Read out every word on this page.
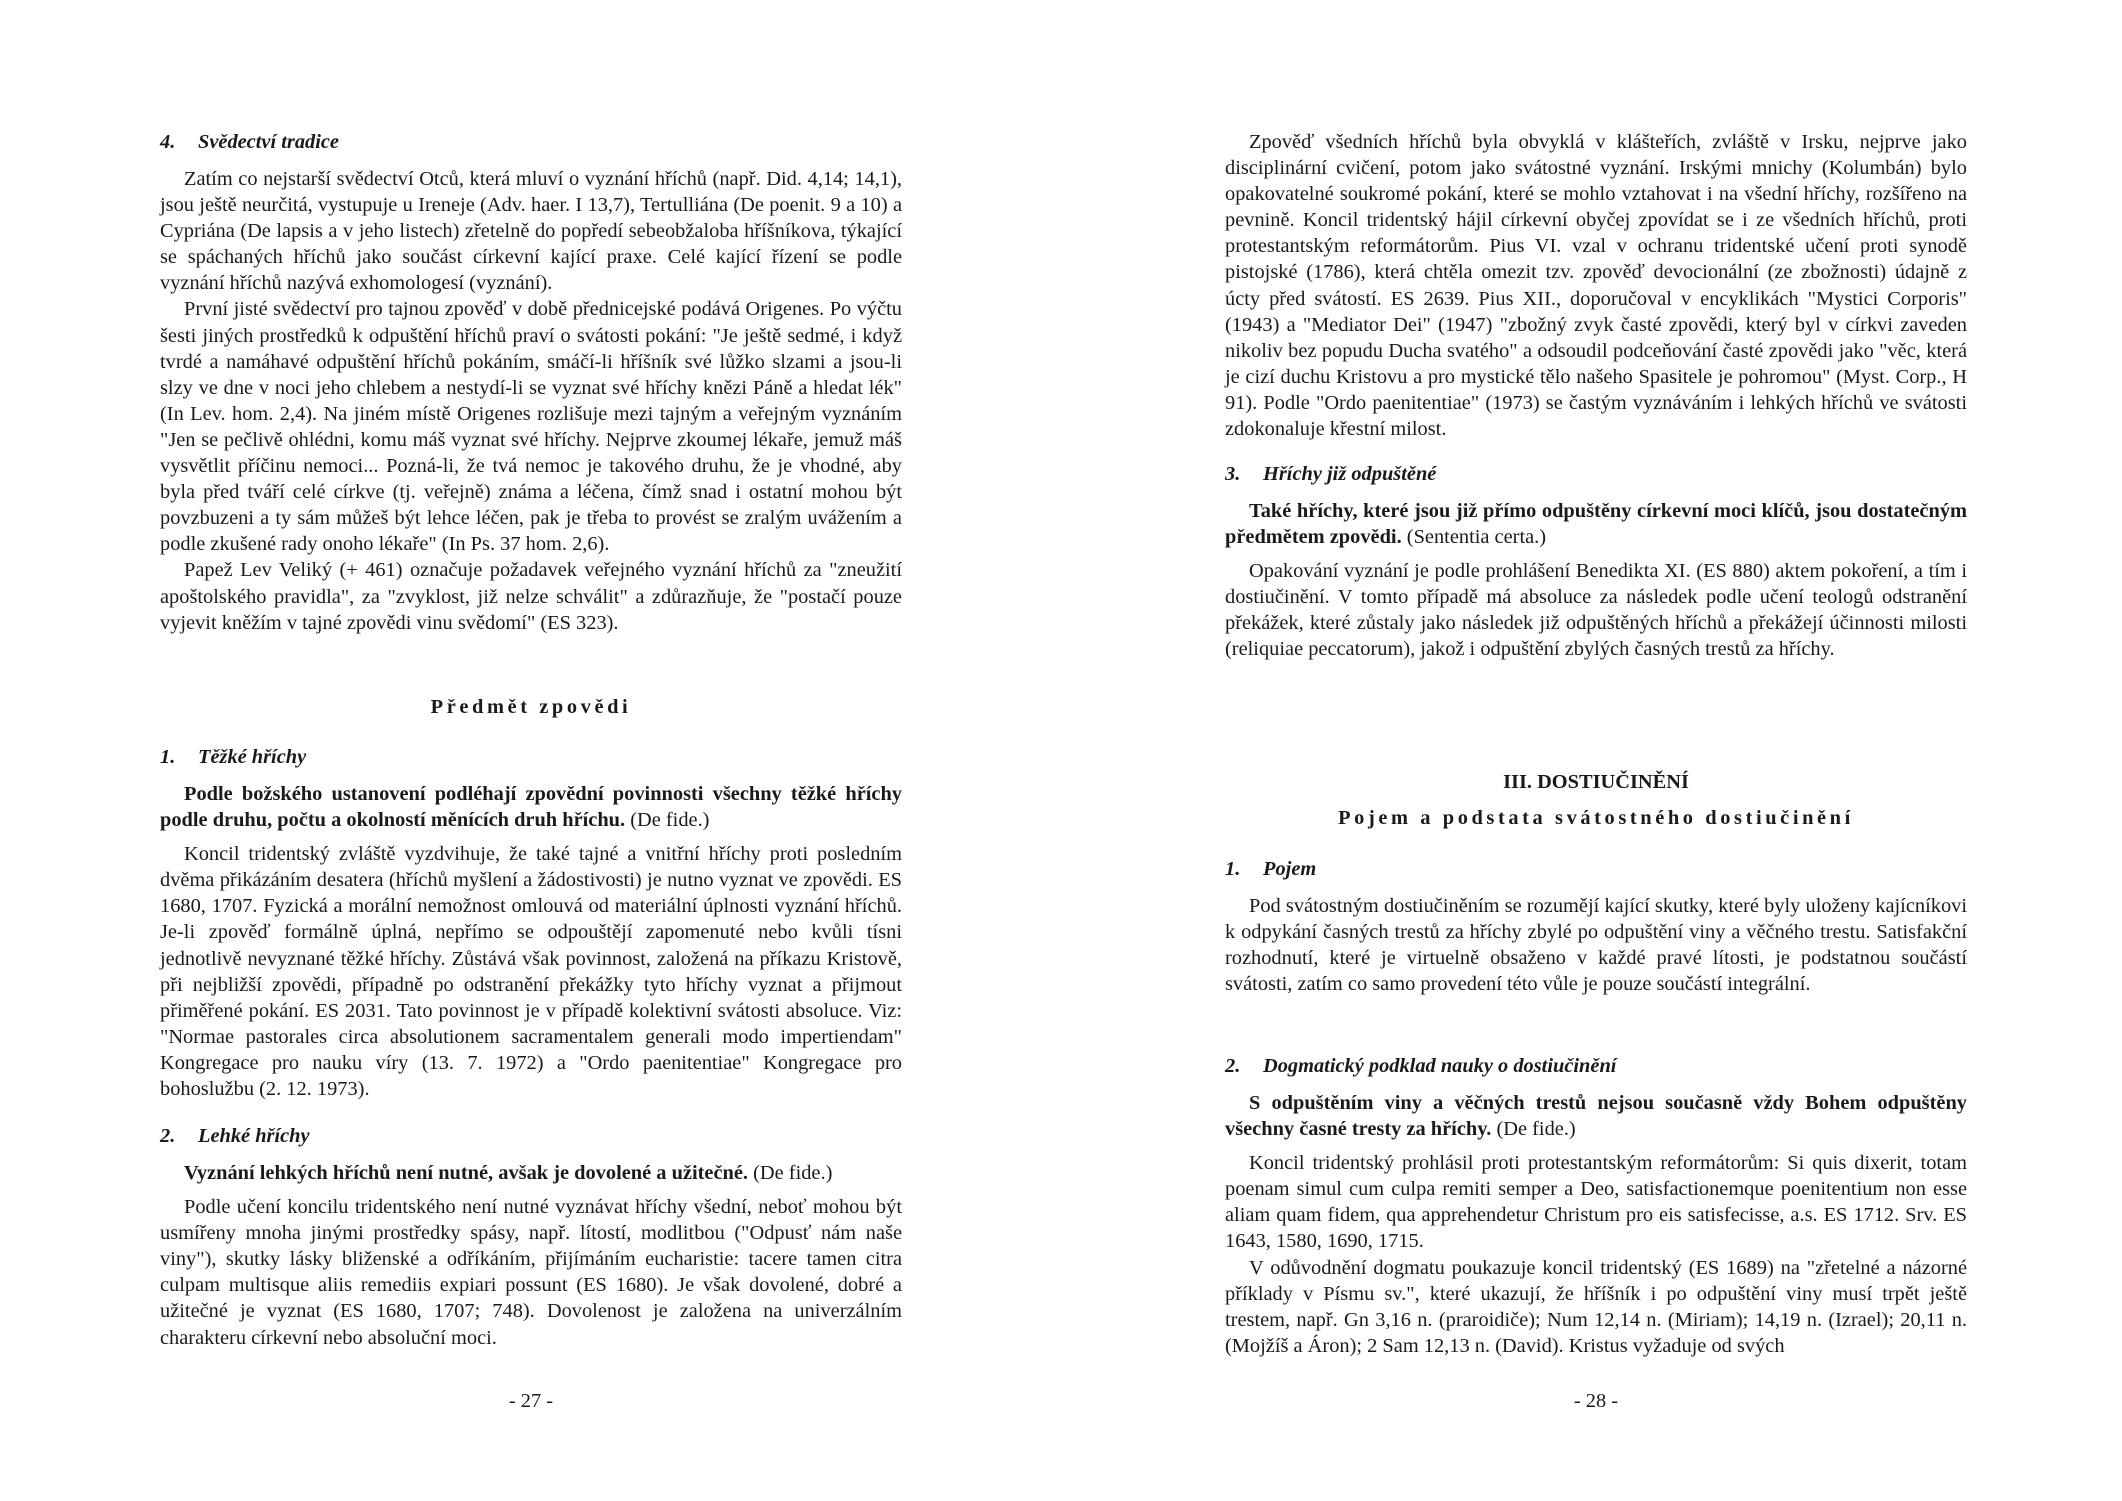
4. Svědectví tradice

Zatím co nejstarší svědectví Otců, která mluví o vyznání hříchů (např. Did. 4,14; 14,1), jsou ještě neurčitá, vystupuje u Ireneje (Adv. haer. I 13,7), Tertulliána (De poenit. 9 a 10) a Cypriána (De lapsis a v jeho listech) zřetelně do popředí sebeobžaloba hříšníkova, týkající se spáchaných hříchů jako součást církevní kající praxe. Celé kající řízení se podle vyznání hříchů nazývá exhomologesí (vyznání).

První jisté svědectví pro tajnou zpověď v době přednicejské podává Origenes. Po výčtu šesti jiných prostředků k odpuštění hříchů praví o svátosti pokání: "Je ještě sedmé, i když tvrdé a namáhavé odpuštění hříchů pokáním, smáčí-li hříšník své lůžko slzami a jsou-li slzy ve dne v noci jeho chlebem a nestydí-li se vyznat své hříchy knězi Páně a hledat lék" (In Lev. hom. 2,4). Na jiném místě Origenes rozlišuje mezi tajným a veřejným vyznáním "Jen se pečlivě ohlédni, komu máš vyznat své hříchy. Nejprve zkoumej lékaře, jemuž máš vysvětlit příčinu nemoci... Pozná-li, že tvá nemoc je takového druhu, že je vhodné, aby byla před tváří celé církve (tj. veřejně) známa a léčena, čímž snad i ostatní mohou být povzbuzeni a ty sám můžeš být lehce léčen, pak je třeba to provést se zralým uvážením a podle zkušené rady onoho lékaře" (In Ps. 37 hom. 2,6).

Papež Lev Veliký (+ 461) označuje požadavek veřejného vyznání hříchů za "zneužití apoštolského pravidla", za "zvyklost, již nelze schválit" a zdůrazňuje, že "postačí pouze vyjevit kněžím v tajné zpovědi vinu svědomí" (ES 323).

Předmět zpovědi
1. Těžké hříchy

Podle božského ustanovení podléhají zpovědní povinnosti všechny těžké hříchy podle druhu, počtu a okolností měnících druh hříchu. (De fide.)

Koncil tridentský zvláště vyzdvihuje, že také tajné a vnitřní hříchy proti posledním dvěma přikázáním desatera (hříchů myšlení a žádostivosti) je nutno vyznat ve zpovědi. ES 1680, 1707. Fyzická a morální nemožnost omlouvá od materiální úplnosti vyznání hříchů. Je-li zpověď formálně úplná, nepřímo se odpouštějí zapomenuté nebo kvůli tísni jednotlivě nevyznané těžké hříchy. Zůstává však povinnost, založená na příkazu Kristově, při nejbližší zpovědi, případně po odstranění překážky tyto hříchy vyznat a přijmout přiměřené pokání. ES 2031. Tato povinnost je v případě kolektivní svátosti absoluce. Viz: "Normae pastorales circa absolutionem sacramentalem generali modo impertiendam" Kongregace pro nauku víry (13. 7. 1972) a "Ordo paenitentiae" Kongregace pro bohoslužbu (2. 12. 1973).

2. Lehké hříchy

Vyznání lehkých hříchů není nutné, avšak je dovolené a užitečné. (De fide.)

Podle učení koncilu tridentského není nutné vyznávat hříchy všední, neboť mohou být usmířeny mnoha jinými prostředky spásy, např. lítostí, modlitbou ("Odpusť nám naše viny"), skutky lásky bliženské a odříkáním, přijímáním eucharistie: tacere tamen citra culpam multisque aliis remediis expiari possunt (ES 1680). Je však dovolené, dobré a užitečné je vyznat (ES 1680, 1707; 748). Dovolenost je založena na univerzálním charakteru církevní nebo absoluční moci.

- 27 -

Zpověď všedních hříchů byla obvyklá v klášteřích, zvláště v Irsku, nejprve jako disciplinární cvičení, potom jako svátostné vyznání. Irskými mnichy (Kolumbán) bylo opakovatelné soukromé pokání, které se mohlo vztahovat i na všední hříchy, rozšířeno na pevnině. Koncil tridentský hájil církevní obyčej zpovídat se i ze všedních hříchů, proti protestantským reformátorům. Pius VI. vzal v ochranu tridentské učení proti synodě pistojské (1786), která chtěla omezit tzv. zpověď devocionální (ze zbožnosti) údajně z úcty před svátostí. ES 2639. Pius XII., doporučoval v encyklikách "Mystici Corporis" (1943) a "Mediator Dei" (1947) "zbožný zvyk časté zpovědi, který byl v církvi zaveden nikoliv bez popudu Ducha svatého" a odsoudil podceňování časté zpovědi jako "věc, která je cizí duchu Kristovu a pro mystické tělo našeho Spasitele je pohromou" (Myst. Corp., H 91). Podle "Ordo paenitentiae" (1973) se častým vyznáváním i lehkých hříchů ve svátosti zdokonaluje křestní milost.

3. Hříchy již odpuštěné

Také hříchy, které jsou již přímo odpuštěny církevní moci klíčů, jsou dostatečným předmětem zpovědi. (Sententia certa.)

Opakování vyznání je podle prohlášení Benedikta XI. (ES 880) aktem pokoření, a tím i dostiučinění. V tomto případě má absoluce za následek podle učení teologů odstranění překážek, které zůstaly jako následek již odpuštěných hříchů a překážejí účinnosti milosti (reliquiae peccatorum), jakož i odpuštění zbylých časných trestů za hříchy.

III. DOSTIUČINĚNÍ
Pojem a podstata svátostného dostiučinění
1. Pojem

Pod svátostným dostiučiněním se rozumějí kající skutky, které byly uloženy kajícníkovi k odpykání časných trestů za hříchy zbylé po odpuštění viny a věčného trestu. Satisfakční rozhodnutí, které je virtuelně obsaženo v každé pravé lítosti, je podstatnou součástí svátosti, zatím co samo provedení této vůle je pouze součástí integrální.

2. Dogmatický podklad nauky o dostiučinění

S odpuštěním viny a věčných trestů nejsou současně vždy Bohem odpuštěny všechny časné tresty za hříchy. (De fide.)

Koncil tridentský prohlásil proti protestantským reformátorům: Si quis dixerit, totam poenam simul cum culpa remiti semper a Deo, satisfactionemque poenitentium non esse aliam quam fidem, qua apprehendetur Christum pro eis satisfecisse, a.s. ES 1712. Srv. ES 1643, 1580, 1690, 1715.

V odůvodnění dogmatu poukazuje koncil tridentský (ES 1689) na "zřetelné a názorné příklady v Písmu sv.", které ukazují, že hříšník i po odpuštění viny musí trpět ještě trestem, např. Gn 3,16 n. (praroidiče); Num 12,14 n. (Miriam); 14,19 n. (Izrael); 20,11 n. (Mojžíš a Áron); 2 Sam 12,13 n. (David). Kristus vyžaduje od svých

- 28 -
